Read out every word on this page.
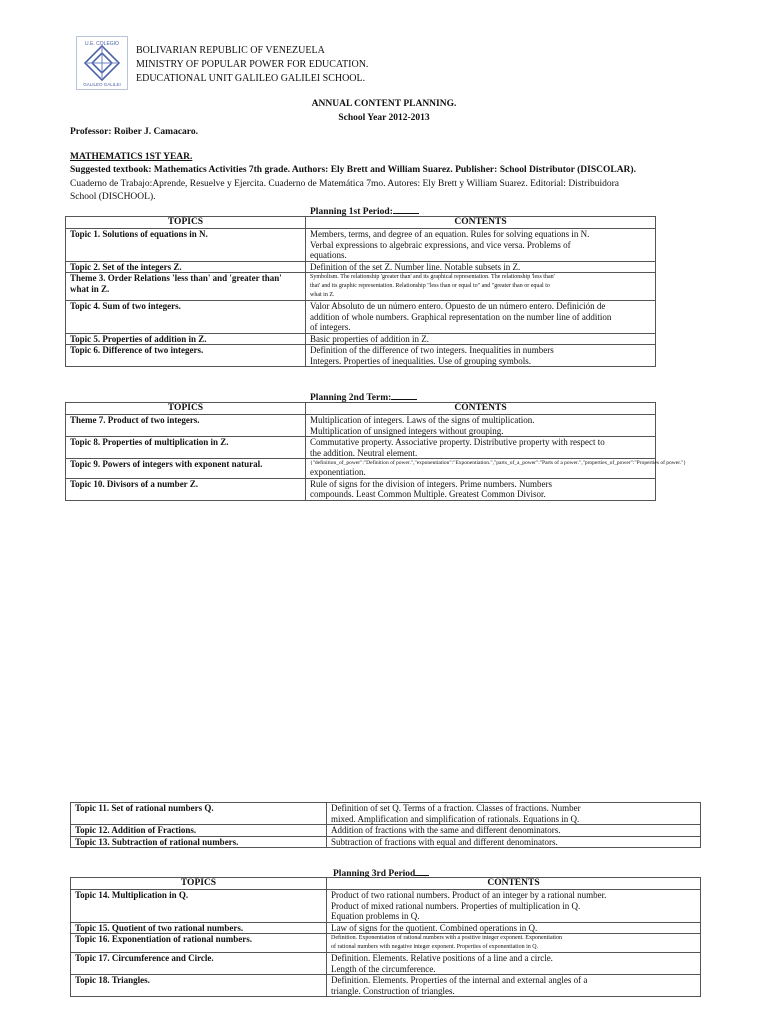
U.E. COLEGIO
GALILEO GALILEI
BOLIVARIAN REPUBLIC OF VENEZUELA
MINISTRY OF POPULAR POWER FOR EDUCATION.
EDUCATIONAL UNIT GALILEO GALILEI SCHOOL.
ANNUAL CONTENT PLANNING.
School Year 2012-2013
Professor: Roiber J. Camacaro.
MATHEMATICS 1ST YEAR.
Suggested textbook: Mathematics Activities 7th grade. Authors: Ely Brett and William Suarez. Publisher: School Distributor (DISCOLAR).
Cuaderno de Trabajo:Aprende, Resuelve y Ejercita. Cuaderno de Matemática 7mo. Autores: Ely Brett y William Suarez. Editorial: Distribuidora
School (DISCHOOL).
Planning 1st Period:
TOPICS	CONTENTS
Topic 1. Solutions of equations in N.	Members, terms, and degree of an equation. Rules for solving equations in N.
Verbal expressions to algebraic expressions, and vice versa. Problems of
equations.

Topic 2. Set of the integers Z.	Definition of the set Z. Number line. Notable subsets in Z.

Theme 3. Order Relations 'less than' and 'greater than' what in Z.	Symbolism. The relationship 'greater than' and its graphical representation. The relationship 'less than'
that' and its graphic representation. Relationship "less than or equal to" and "greater than or equal to
what in Z.

Topic 4. Sum of two integers.	Valor Absoluto de un número entero. Opuesto de un número entero. Definición de
addition of whole numbers. Graphical representation on the number line of addition
of integers.

Topic 5. Properties of addition in Z.	Basic properties of addition in Z.

Topic 6. Difference of two integers.	Definition of the difference of two integers. Inequalities in numbers
Integers. Properties of inequalities. Use of grouping symbols.
Planning 2nd Term:
TOPICS	CONTENTS
Theme 7. Product of two integers.	Multiplication of integers. Laws of the signs of multiplication.
Multiplication of unsigned integers without grouping.

Topic 8. Properties of multiplication in Z.	Commutative property. Associative property. Distributive property with respect to
the addition. Neutral element.

Topic 9. Powers of integers with exponent natural.	{"definition_of_power":"Definition of power.","exponentiation":"Exponentiation.","parts_of_a_power":"Parts of a power.","properties_of_power":"Properties of power."}
exponentiation.

Topic 10. Divisors of a number Z.	Rule of signs for the division of integers. Prime numbers. Numbers
compounds. Least Common Multiple. Greatest Common Divisor.
Topic 11. Set of rational numbers Q.	Definition of set Q. Terms of a fraction. Classes of fractions. Number
mixed. Amplification and simplification of rationals. Equations in Q.

Topic 12. Addition of Fractions.	Addition of fractions with the same and different denominators.

Topic 13. Subtraction of rational numbers.	Subtraction of fractions with equal and different denominators.
Planning 3rd Period
TOPICS	CONTENTS
Topic 14. Multiplication in Q.	Product of two rational numbers. Product of an integer by a rational number.
Product of mixed rational numbers. Properties of multiplication in Q.
Equation problems in Q.

Topic 15. Quotient of two rational numbers.	Law of signs for the quotient. Combined operations in Q.

Topic 16. Exponentiation of rational numbers.	Definition. Exponentiation of rational numbers with a positive integer exponent. Exponentiation
of rational numbers with negative integer exponent. Properties of exponentiation in Q.

Topic 17. Circumference and Circle.	Definition. Elements. Relative positions of a line and a circle.
Length of the circumference.

Topic 18. Triangles.	Definition. Elements. Properties of the internal and external angles of a
triangle. Construction of triangles.
